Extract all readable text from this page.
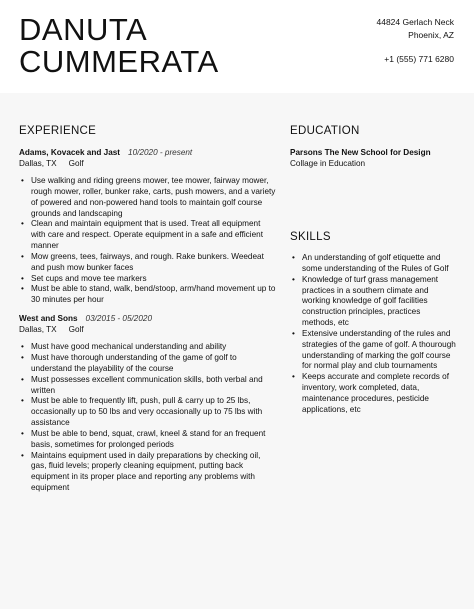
DANUTA
CUMMERATA
44824 Gerlach Neck
Phoenix, AZ
+1 (555) 771 6280
EXPERIENCE
Adams, Kovacek and Jast 10/2020 - present
Dallas, TX Golf
• Use walking and riding greens mower, tee mower, fairway mower, rough mower, roller, bunker rake, carts, push mowers, and a variety of powered and non-powered hand tools to maintain golf course grounds and landscaping
• Clean and maintain equipment that is used. Treat all equipment with care and respect. Operate equipment in a safe and efficient manner
• Mow greens, tees, fairways, and rough. Rake bunkers. Weedeat and push mow bunker faces
• Set cups and move tee markers
• Must be able to stand, walk, bend/stoop, arm/hand movement up to 30 minutes per hour
West and Sons 03/2015 - 05/2020
Dallas, TX Golf
• Must have good mechanical understanding and ability
• Must have thorough understanding of the game of golf to understand the playability of the course
• Must possesses excellent communication skills, both verbal and written
• Must be able to frequently lift, push, pull & carry up to 25 lbs, occasionally up to 50 lbs and very occasionally up to 75 lbs with assistance
• Must be able to bend, squat, crawl, kneel & stand for an frequent basis, sometimes for prolonged periods
• Maintains equipment used in daily preparations by checking oil, gas, fluid levels; properly cleaning equipment, putting back equipment in its proper place and reporting any problems with equipment
EDUCATION
Parsons The New School for Design
Collage in Education
SKILLS
• An understanding of golf etiquette and some understanding of the Rules of Golf
• Knowledge of turf grass management practices in a southern climate and working knowledge of golf facilities construction principles, practices methods, etc
• Extensive understanding of the rules and strategies of the game of golf. A thourough understanding of marking the golf course for normal play and club tournaments
• Keeps accurate and complete records of inventory, work completed, data, maintenance procedures, pesticide applications, etc
